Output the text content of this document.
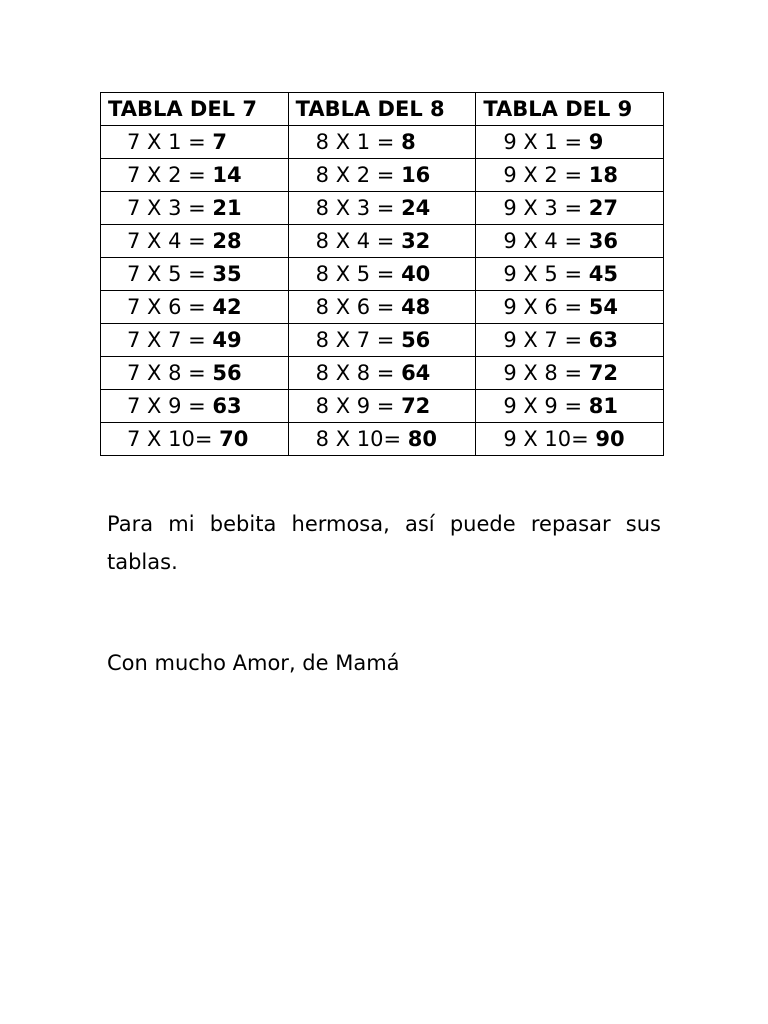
TABLA DEL 7	TABLA DEL 8	TABLA DEL 9
7 X 1 = 7	8 X 1 = 8	9 X 1 = 9
7 X 2 = 14	8 X 2 = 16	9 X 2 = 18
7 X 3 = 21	8 X 3 = 24	9 X 3 = 27
7 X 4 = 28	8 X 4 = 32	9 X 4 = 36
7 X 5 = 35	8 X 5 = 40	9 X 5 = 45
7 X 6 = 42	8 X 6 = 48	9 X 6 = 54
7 X 7 = 49	8 X 7 = 56	9 X 7 = 63
7 X 8 = 56	8 X 8 = 64	9 X 8 = 72
7 X 9 = 63	8 X 9 = 72	9 X 9 = 81
7 X 10= 70	8 X 10= 80	9 X 10= 90

Para mi bebita hermosa, así puede repasar sus tablas.

Con mucho Amor, de Mamá
